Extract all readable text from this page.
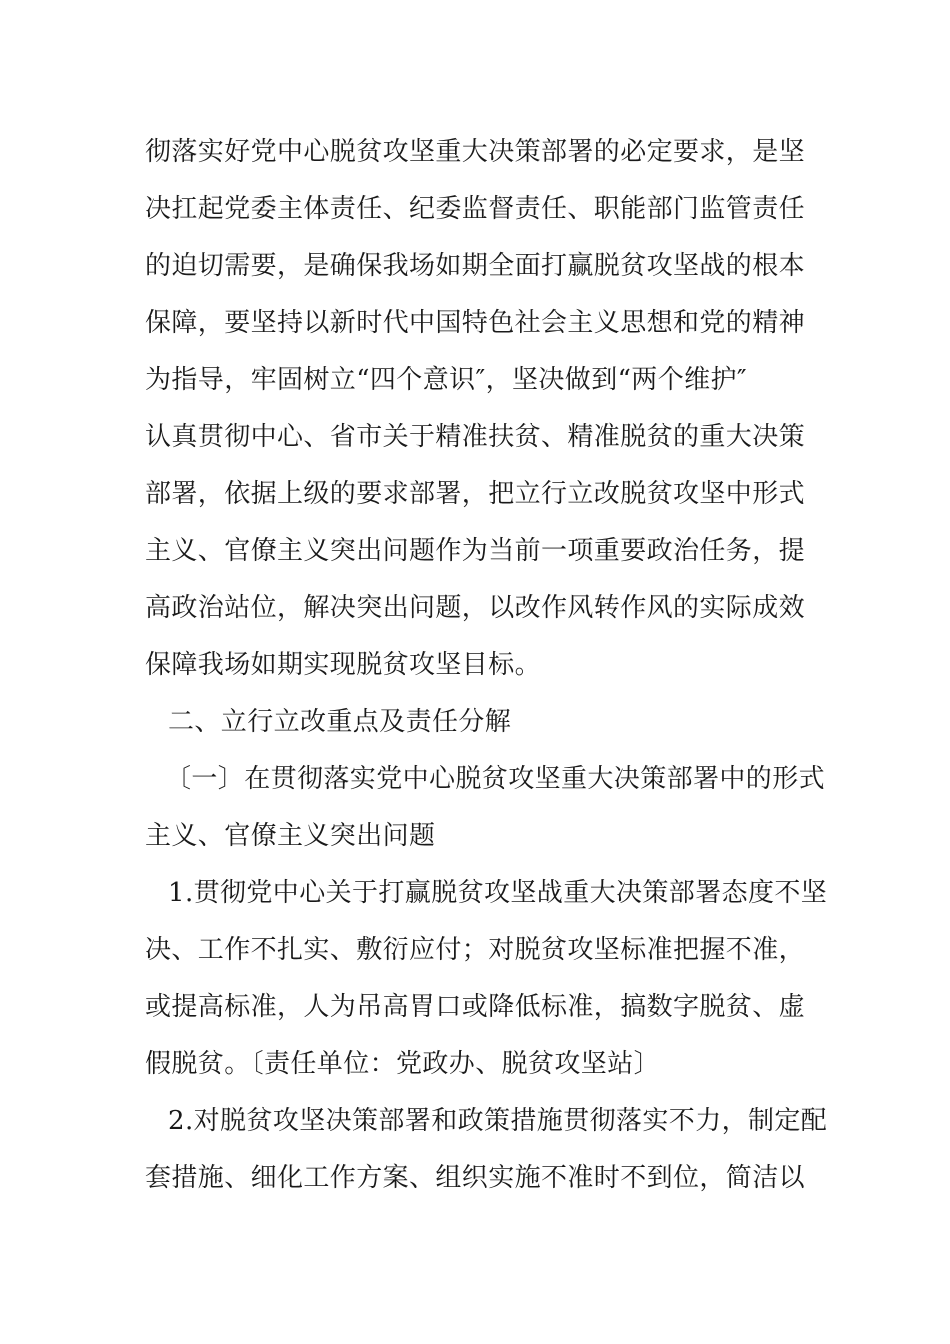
彻落实好党中心脱贫攻坚重大决策部署的必定要求，是坚
决扛起党委主体责任、纪委监督责任、职能部门监管责任
的迫切需要，是确保我场如期全面打赢脱贫攻坚战的根本
保障，要坚持以新时代中国特色社会主义思想和党的精神
为指导，牢固树立“四个意识″，坚决做到“两个维护″
认真贯彻中心、省市关于精准扶贫、精准脱贫的重大决策
部署，依据上级的要求部署，把立行立改脱贫攻坚中形式
主义、官僚主义突出问题作为当前一项重要政治任务，提
高政治站位，解决突出问题，以改作风转作风的实际成效
保障我场如期实现脱贫攻坚目标。
二、立行立改重点及责任分解
〔一〕在贯彻落实党中心脱贫攻坚重大决策部署中的形式
主义、官僚主义突出问题
1.贯彻党中心关于打赢脱贫攻坚战重大决策部署态度不坚
决、工作不扎实、敷衍应付；对脱贫攻坚标准把握不准，
或提高标准，人为吊高胃口或降低标准，搞数字脱贫、虚
假脱贫。〔责任单位：党政办、脱贫攻坚站〕
2.对脱贫攻坚决策部署和政策措施贯彻落实不力，制定配
套措施、细化工作方案、组织实施不准时不到位，简洁以
